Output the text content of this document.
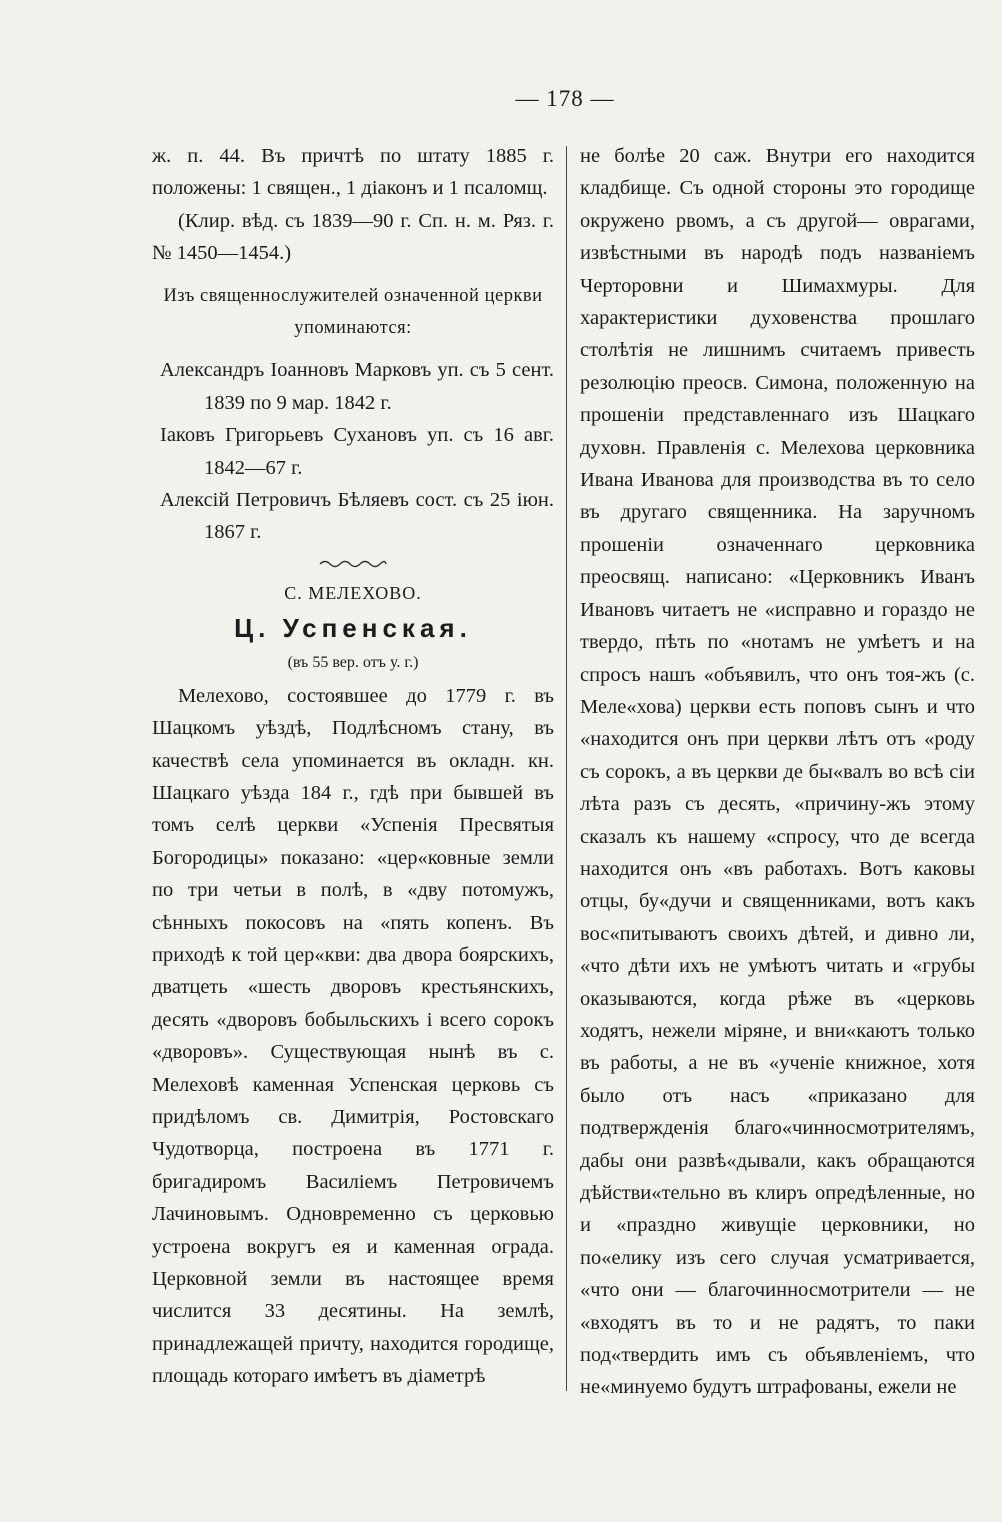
— 178 —

ж. п. 44. Въ причтѣ по штату 1885 г. положены: 1 священ., 1 діаконъ и 1 псаломщ.

(Клир. вѣд. съ 1839—90 г. Сп. н. м. Ряз. г. № 1450—1454.)

Изъ священнослужителей означенной церкви упоминаются:

Александръ Іоанновъ Марковъ уп. съ 5 сент. 1839 по 9 мар. 1842 г.

Іаковъ Григорьевъ Сухановъ уп. съ 16 авг. 1842—67 г.

Алексій Петровичъ Бѣляевъ сост. съ 25 іюн. 1867 г.

С. МЕЛЕХОВО.

Ц. Успенская.

(въ 55 вер. отъ у. г.)

Мелехово, состоявшее до 1779 г. въ Шацкомъ уѣздѣ, Подлѣсномъ стану, въ качествѣ села упоминается въ окладн. кн. Шацкаго уѣзда 184 г., гдѣ при бывшей въ томъ селѣ церкви «Успенія Пресвятыя Богородицы» показано: «цер«ковные земли по три четьи в полѣ, в «дву потомужъ, сѣнныхъ покосовъ на «пять копенъ. Въ приходѣ к той цер«кви: два двора боярскихъ, дватцеть «шесть дворовъ крестьянскихъ, десять «дворовъ бобыльскихъ і всего сорокъ «дворовъ». Существующая нынѣ въ с. Мелеховѣ каменная Успенская церковь съ придѣломъ св. Димитрія, Ростовскаго Чудотворца, построена въ 1771 г. бригадиромъ Василіемъ Петровичемъ Лачиновымъ. Одновременно съ церковью устроена вокругъ ея и каменная ограда. Церковной земли въ настоящее время числится 33 десятины. На землѣ, принадлежащей причту, находится городище, площадь котораго имѣетъ въ діаметрѣ

не болѣе 20 саж. Внутри его находится кладбище. Съ одной стороны это городище окружено рвомъ, а съ другой— оврагами, извѣстными въ народѣ подъ названіемъ Черторовни и Шимахмуры. Для характеристики духовенства прошлаго столѣтія не лишнимъ считаемъ привесть резолюцію преосв. Симона, положенную на прошеніи представленнаго изъ Шацкаго духовн. Правленія с. Мелехова церковника Ивана Иванова для производства въ то село въ другаго священника. На заручномъ прошеніи означеннаго церковника преосвящ. написано: «Церковникъ Иванъ Ивановъ читаетъ не «исправно и гораздо не твердо, пѣть по «нотамъ не умѣетъ и на спросъ нашъ «объявилъ, что онъ тоя-жъ (с. Меле«хова) церкви есть поповъ сынъ и что «находится онъ при церкви лѣтъ отъ «роду съ сорокъ, а въ церкви де бы«валъ во всѣ сіи лѣта разъ съ десять, «причину-жъ этому сказалъ къ нашему «спросу, что де всегда находится онъ «въ работахъ. Вотъ каковы отцы, бу«дучи и священниками, вотъ какъ вос«питываютъ своихъ дѣтей, и дивно ли, «что дѣти ихъ не умѣютъ читать и «грубы оказываются, когда рѣже въ «церковь ходятъ, нежели міряне, и вни«каютъ только въ работы, а не въ «ученіе книжное, хотя было отъ насъ «приказано для подтвержденія благо«чинносмотрителямъ, дабы они развѣ«дывали, какъ обращаются дѣйстви«тельно въ клиръ опредѣленные, но и «праздно живущіе церковники, но по«елику изъ сего случая усматривается, «что они — благочинносмотрители — не «входятъ въ то и не радятъ, то паки под«твердить имъ съ объявленіемъ, что не«минуемо будутъ штрафованы, ежели не
